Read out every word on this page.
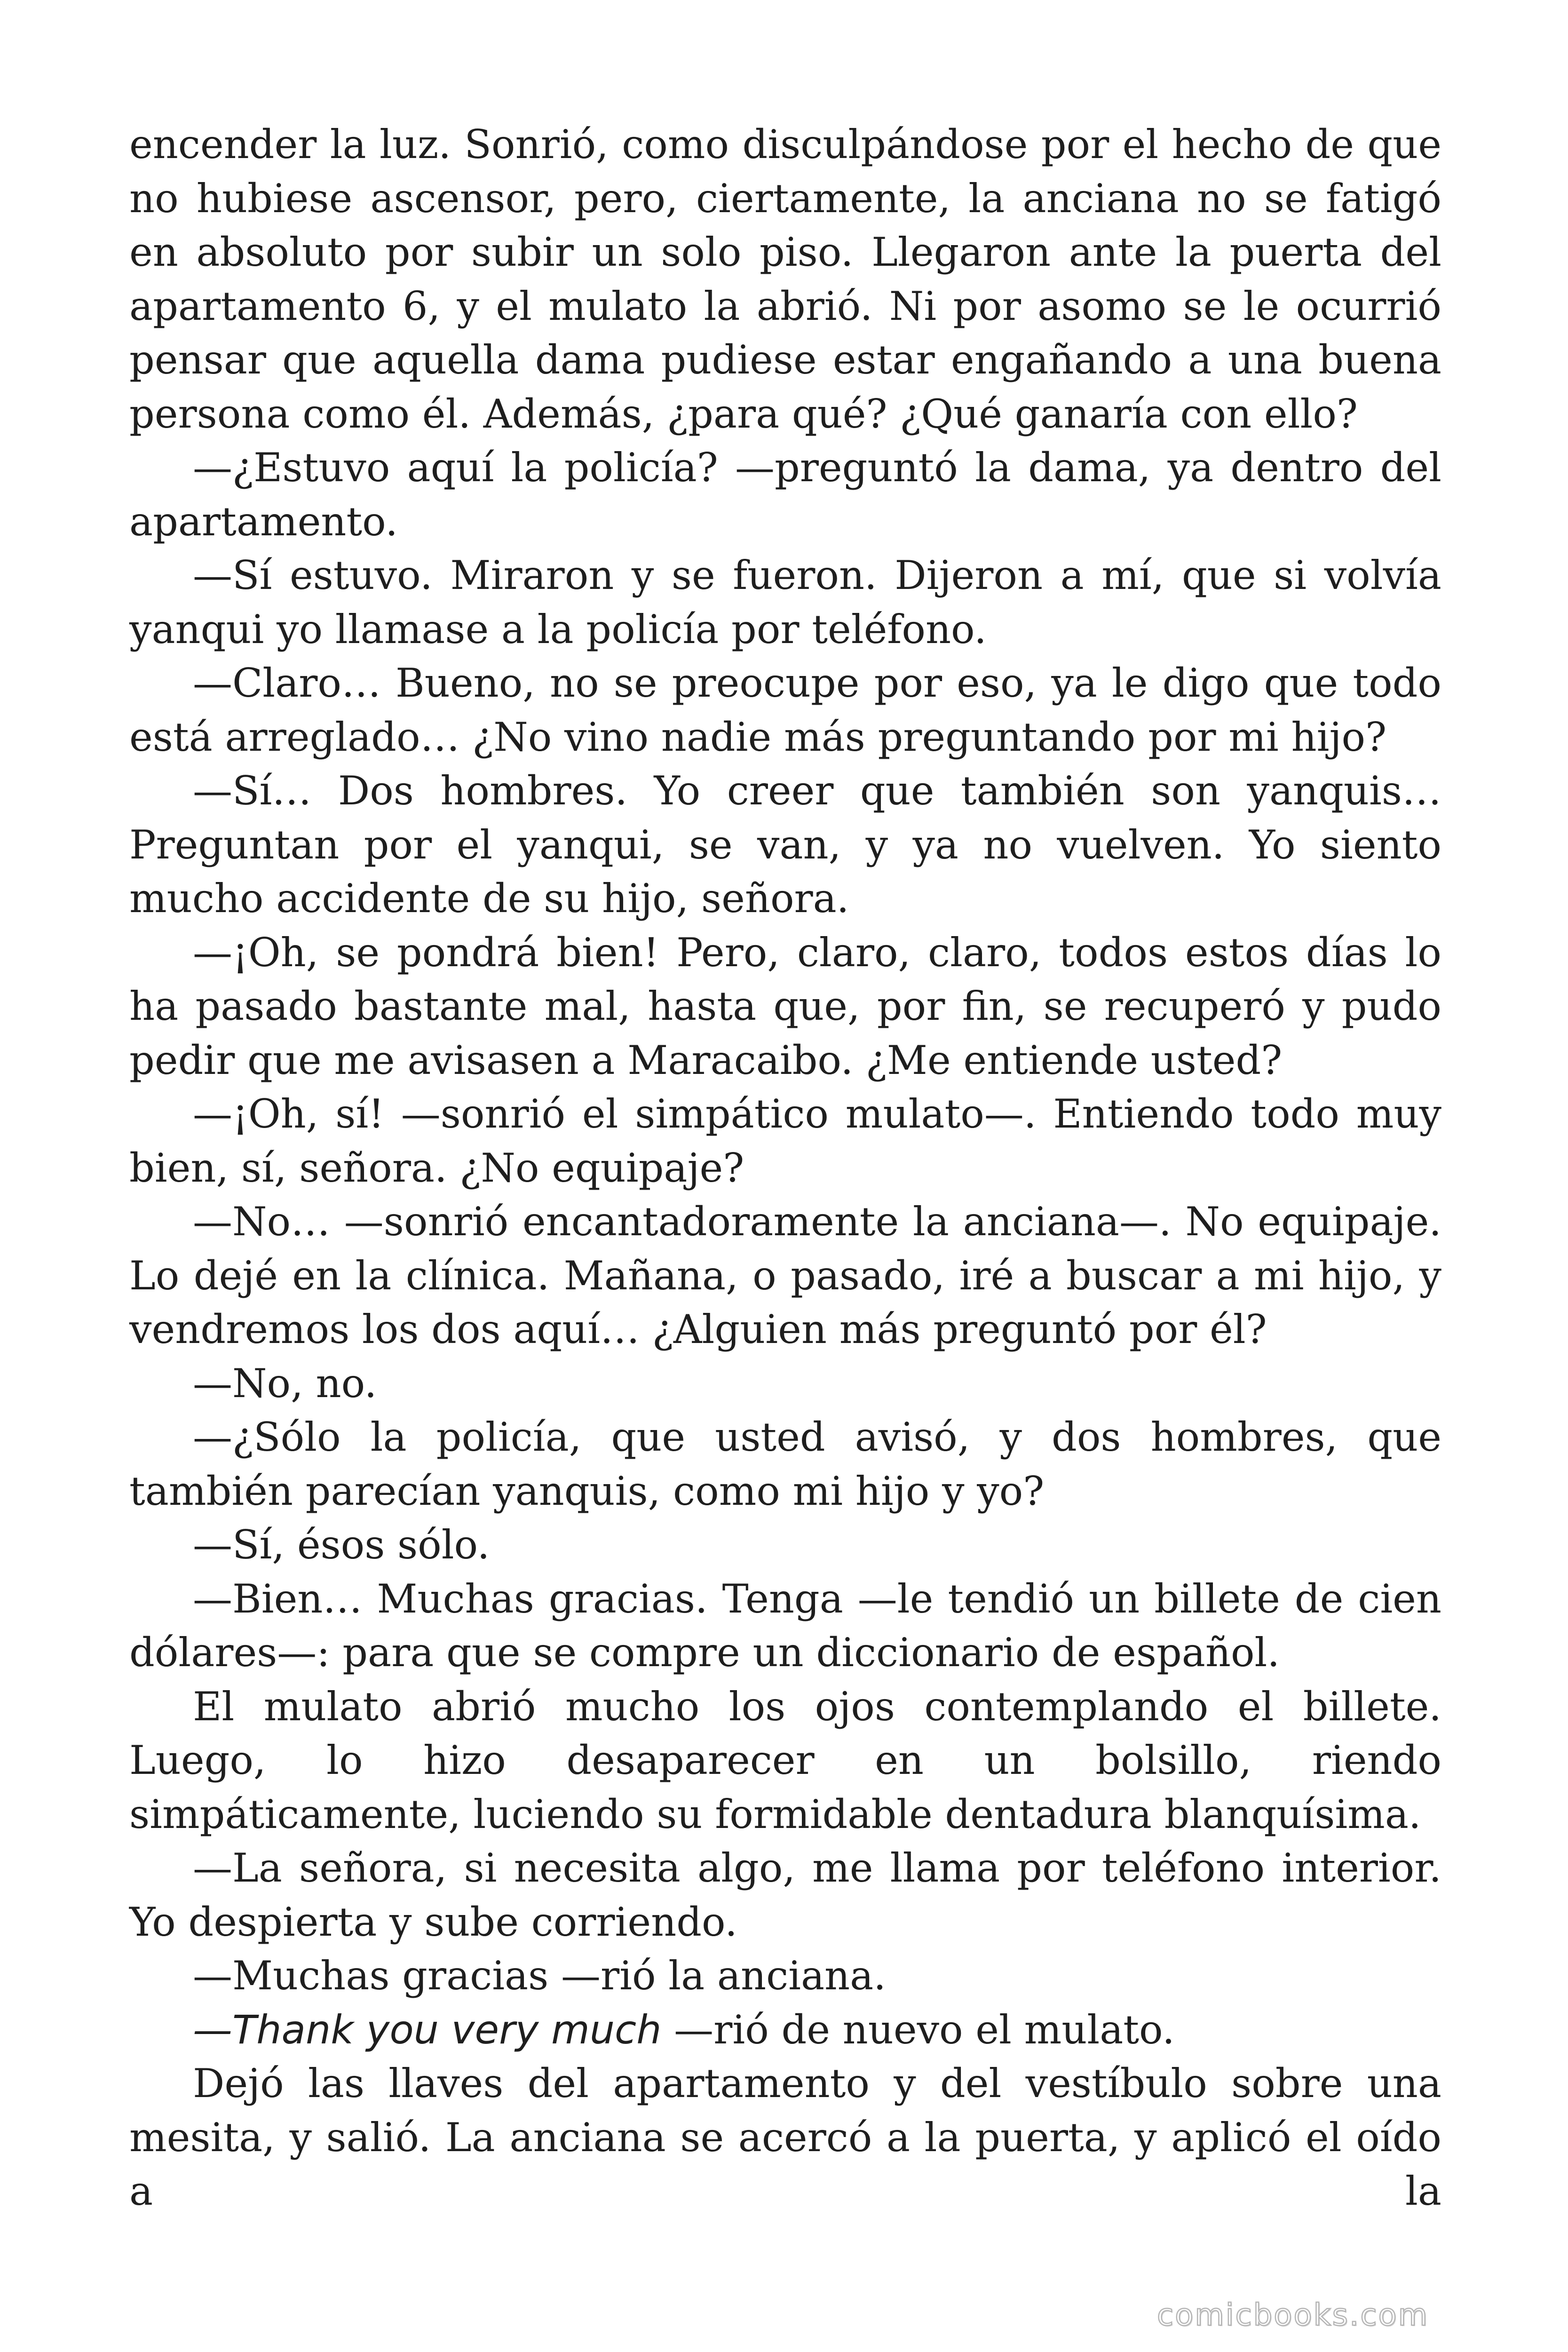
encender la luz. Sonrió, como disculpándose por el hecho de que no hubiese ascensor, pero, ciertamente, la anciana no se fatigó en absoluto por subir un solo piso. Llegaron ante la puerta del apartamento 6, y el mulato la abrió. Ni por asomo se le ocurrió pensar que aquella dama pudiese estar engañando a una buena persona como él. Además, ¿para qué? ¿Qué ganaría con ello?

—¿Estuvo aquí la policía? —preguntó la dama, ya dentro del apartamento.

—Sí estuvo. Miraron y se fueron. Dijeron a mí, que si volvía yanqui yo llamase a la policía por teléfono.

—Claro… Bueno, no se preocupe por eso, ya le digo que todo está arreglado… ¿No vino nadie más preguntando por mi hijo?

—Sí… Dos hombres. Yo creer que también son yanquis… Preguntan por el yanqui, se van, y ya no vuelven. Yo siento mucho accidente de su hijo, señora.

—¡Oh, se pondrá bien! Pero, claro, claro, todos estos días lo ha pasado bastante mal, hasta que, por fin, se recuperó y pudo pedir que me avisasen a Maracaibo. ¿Me entiende usted?

—¡Oh, sí! —sonrió el simpático mulato—. Entiendo todo muy bien, sí, señora. ¿No equipaje?

—No… —sonrió encantadoramente la anciana—. No equipaje. Lo dejé en la clínica. Mañana, o pasado, iré a buscar a mi hijo, y vendremos los dos aquí… ¿Alguien más preguntó por él?

—No, no.

—¿Sólo la policía, que usted avisó, y dos hombres, que también parecían yanquis, como mi hijo y yo?

—Sí, ésos sólo.

—Bien… Muchas gracias. Tenga —le tendió un billete de cien dólares—: para que se compre un diccionario de español.

El mulato abrió mucho los ojos contemplando el billete. Luego, lo hizo desaparecer en un bolsillo, riendo simpáticamente, luciendo su formidable dentadura blanquísima.

—La señora, si necesita algo, me llama por teléfono interior. Yo despierta y sube corriendo.

—Muchas gracias —rió la anciana.

—Thank you very much —rió de nuevo el mulato.

Dejó las llaves del apartamento y del vestíbulo sobre una mesita, y salió. La anciana se acercó a la puerta, y aplicó el oído a la

comicbooks.com
